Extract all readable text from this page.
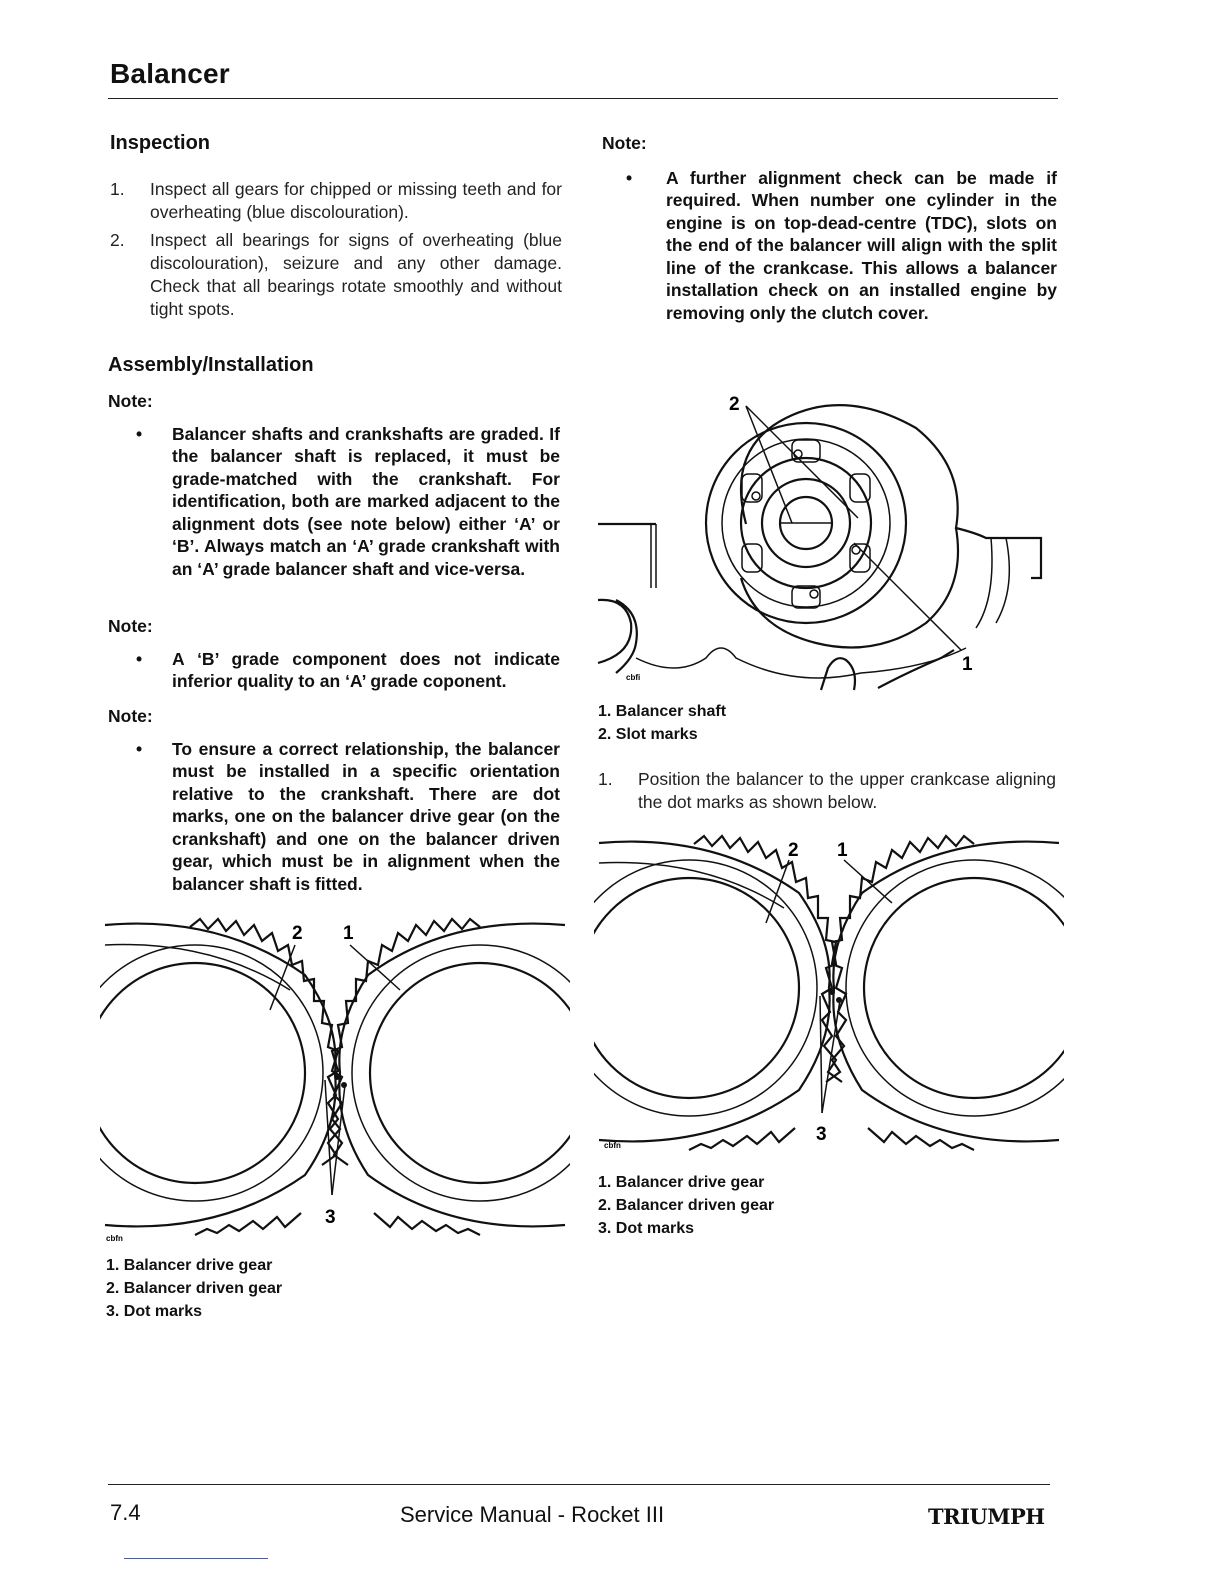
Balancer
Inspection
1.	Inspect all gears for chipped or missing teeth and for overheating (blue discolouration).
2.	Inspect all bearings for signs of overheating (blue discolouration), seizure and any other damage. Check that all bearings rotate smoothly and without tight spots.
Assembly/Installation
Note:
•	Balancer shafts and crankshafts are graded. If the balancer shaft is replaced, it must be grade-matched with the crankshaft. For identification, both are marked adjacent to the alignment dots (see note below) either ‘A’ or ‘B’. Always match an ‘A’ grade crankshaft with an ‘A’ grade balancer shaft and vice-versa.
Note:
•	A ‘B’ grade component does not indicate inferior quality to an ‘A’ grade coponent.
Note:
•	To ensure a correct relationship, the balancer must be installed in a specific orientation relative to the crankshaft. There are dot marks, one on the balancer drive gear (on the crankshaft) and one on the balancer driven gear, which must be in alignment when the balancer shaft is fitted.
2 1
3
cbfn
1. Balancer drive gear
2. Balancer driven gear
3. Dot marks
Note:
•	A further alignment check can be made if required. When number one cylinder in the engine is on top-dead-centre (TDC), slots on the end of the balancer will align with the split line of the crankcase. This allows a balancer installation check on an installed engine by removing only the clutch cover.
2
1
cbfi
1. Balancer shaft
2. Slot marks
1.	Position the balancer to the upper crankcase aligning the dot marks as shown below.
2 1
3
cbfn
1. Balancer drive gear
2. Balancer driven gear
3. Dot marks
7.4	Service Manual - Rocket III	TRIUMPH
